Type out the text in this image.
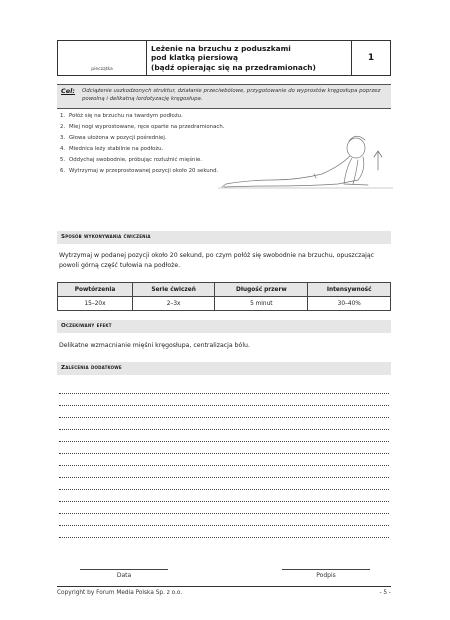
pieczątka
Leżenie na brzuchu z poduszkami
pod klatką piersiową
(bądź opierając się na przedramionach)
1
Cel: Odciążenie uszkodzonych struktur, działanie przeciwbólowe, przygotowanie do wyprostów kręgosłupa poprzez powolną i delikatną lordotyzację kręgosłupa.
1. Połóż się na brzuchu na twardym podłożu.
2. Miej nogi wyprostowane, ręce oparte na przedramionach.
3. Głowa ułożona w pozycji pośredniej.
4. Miednica leży stabilnie na podłożu.
5. Oddychaj swobodnie, próbując rozluźnić mięśnie.
6. Wytrzymaj w przeprostowanej pozycji około 20 sekund.
Sposób wykonywania ćwiczenia
Wytrzymaj w podanej pozycji około 20 sekund, po czym połóż się swobodnie na brzuchu, opuszczając powoli górną część tułowia na podłoże.
Powtórzenia	Serie ćwiczeń	Długość przerw	Intensywność
15–20x	2–3x	5 minut	30–40%
Oczekiwany efekt
Delikatne wzmacnianie mięśni kręgosłupa, centralizacja bólu.
Zalecenia dodatkowe
Data	Podpis
Copyright by Forum Media Polska Sp. z o.o.	- 5 -
